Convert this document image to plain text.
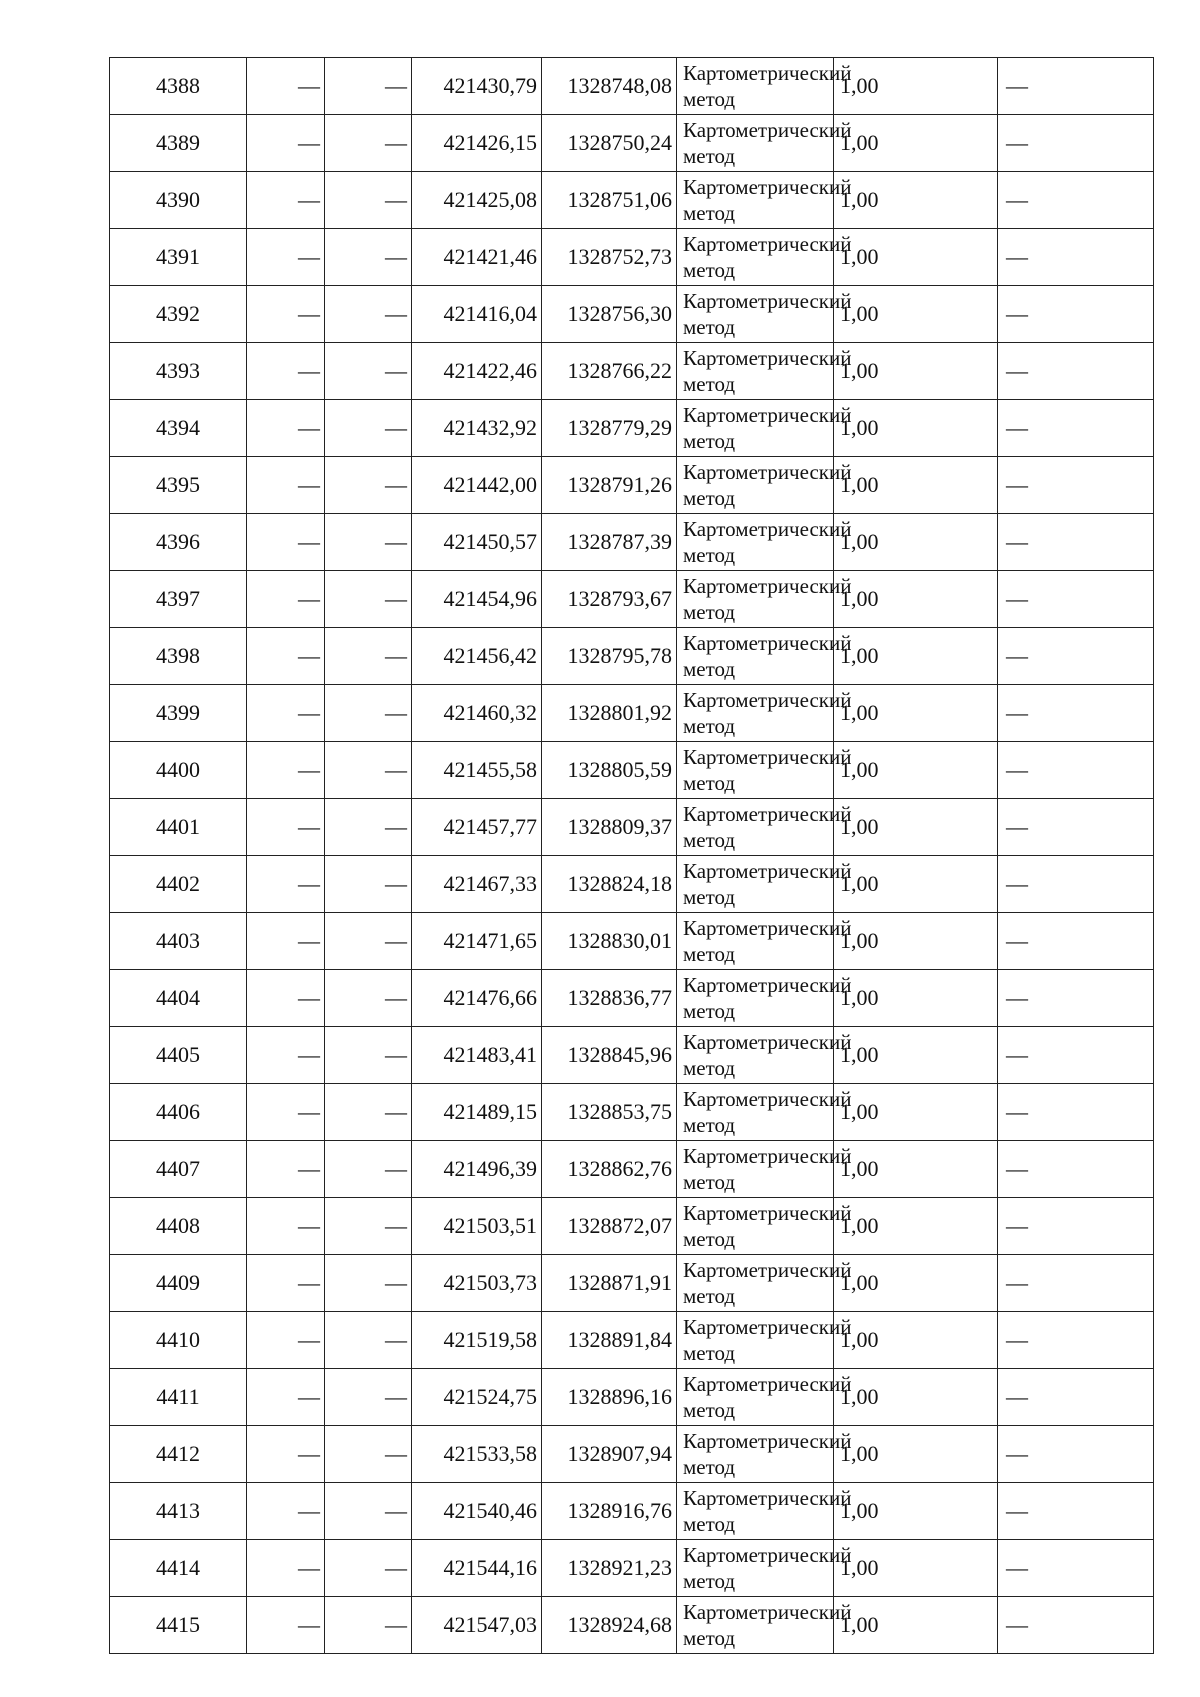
4388	—	—	421430,79	1328748,08	Картометрический метод	1,00	—
4389	—	—	421426,15	1328750,24	Картометрический метод	1,00	—
4390	—	—	421425,08	1328751,06	Картометрический метод	1,00	—
4391	—	—	421421,46	1328752,73	Картометрический метод	1,00	—
4392	—	—	421416,04	1328756,30	Картометрический метод	1,00	—
4393	—	—	421422,46	1328766,22	Картометрический метод	1,00	—
4394	—	—	421432,92	1328779,29	Картометрический метод	1,00	—
4395	—	—	421442,00	1328791,26	Картометрический метод	1,00	—
4396	—	—	421450,57	1328787,39	Картометрический метод	1,00	—
4397	—	—	421454,96	1328793,67	Картометрический метод	1,00	—
4398	—	—	421456,42	1328795,78	Картометрический метод	1,00	—
4399	—	—	421460,32	1328801,92	Картометрический метод	1,00	—
4400	—	—	421455,58	1328805,59	Картометрический метод	1,00	—
4401	—	—	421457,77	1328809,37	Картометрический метод	1,00	—
4402	—	—	421467,33	1328824,18	Картометрический метод	1,00	—
4403	—	—	421471,65	1328830,01	Картометрический метод	1,00	—
4404	—	—	421476,66	1328836,77	Картометрический метод	1,00	—
4405	—	—	421483,41	1328845,96	Картометрический метод	1,00	—
4406	—	—	421489,15	1328853,75	Картометрический метод	1,00	—
4407	—	—	421496,39	1328862,76	Картометрический метод	1,00	—
4408	—	—	421503,51	1328872,07	Картометрический метод	1,00	—
4409	—	—	421503,73	1328871,91	Картометрический метод	1,00	—
4410	—	—	421519,58	1328891,84	Картометрический метод	1,00	—
4411	—	—	421524,75	1328896,16	Картометрический метод	1,00	—
4412	—	—	421533,58	1328907,94	Картометрический метод	1,00	—
4413	—	—	421540,46	1328916,76	Картометрический метод	1,00	—
4414	—	—	421544,16	1328921,23	Картометрический метод	1,00	—
4415	—	—	421547,03	1328924,68	Картометрический метод	1,00	—
